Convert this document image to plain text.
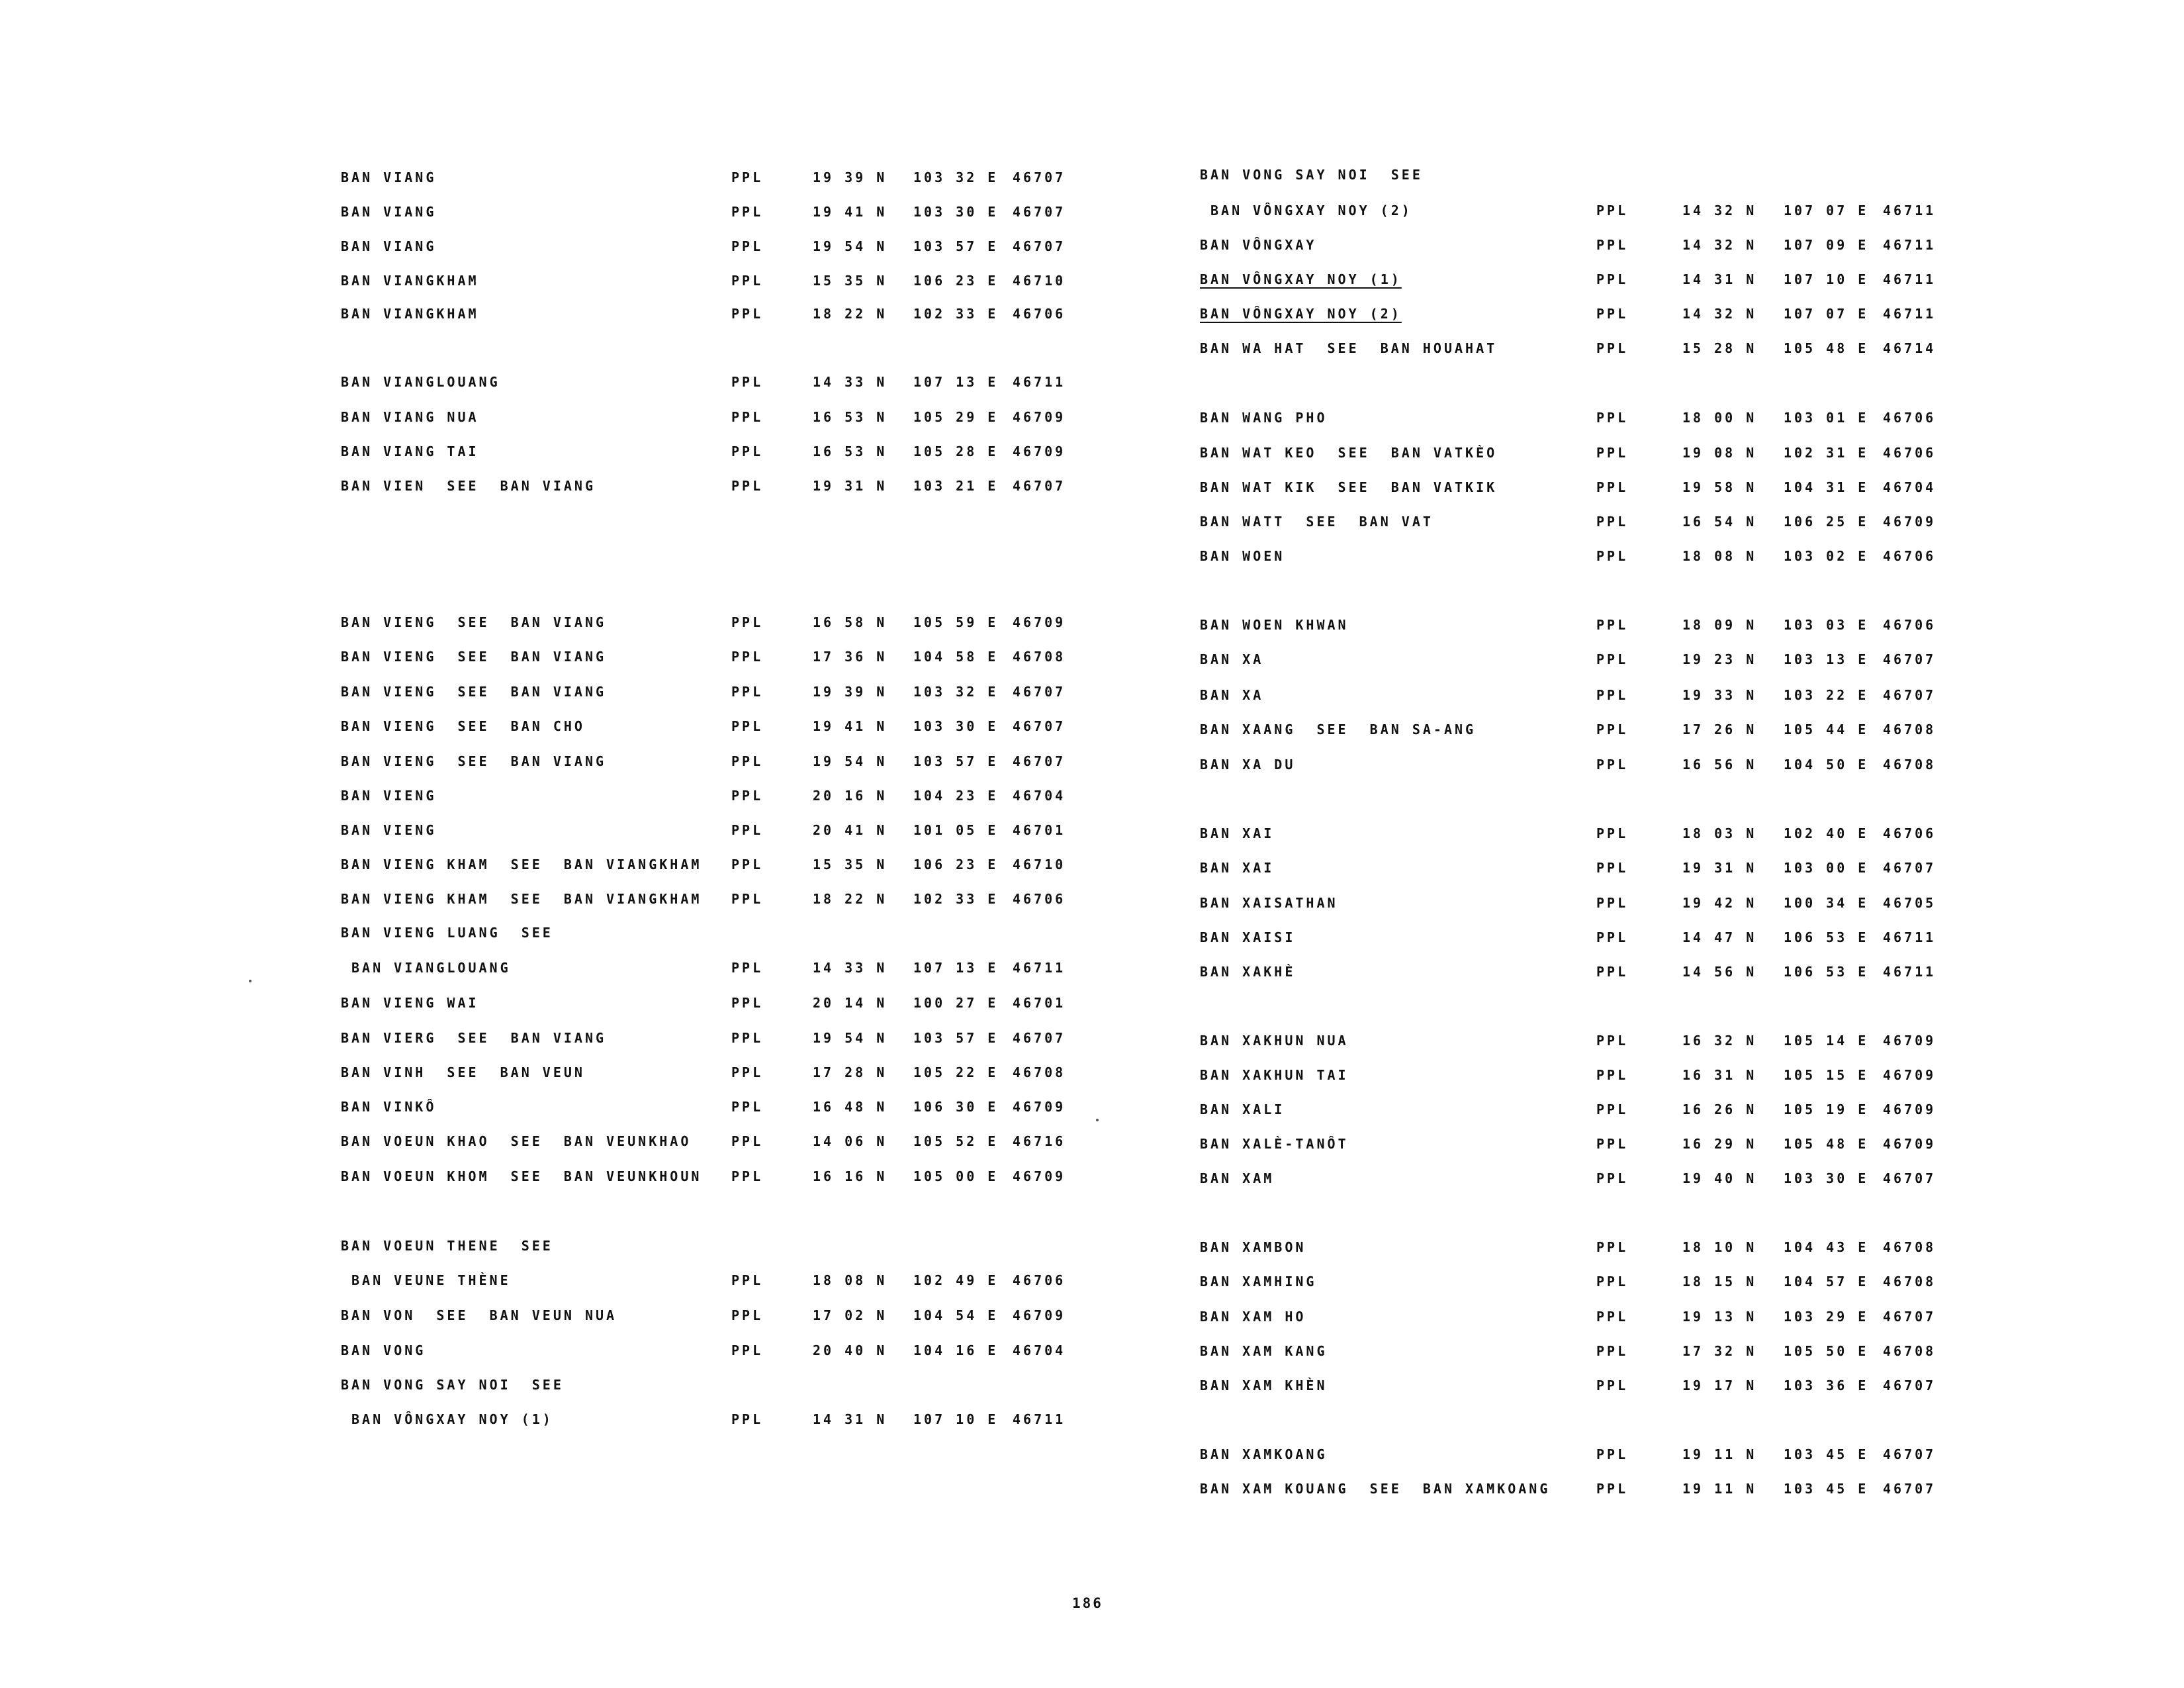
BAN VIANG	PPL	19 39 N 103 32 E 46707
BAN VIANG	PPL	19 41 N 103 30 E 46707
BAN VIANG	PPL	19 54 N 103 57 E 46707
BAN VIANGKHAM	PPL	15 35 N 106 23 E 46710
BAN VIANGKHAM	PPL	18 22 N 102 33 E 46706
BAN VIANGLOUANG	PPL	14 33 N 107 13 E 46711
BAN VIANG NUA	PPL	16 53 N 105 29 E 46709
BAN VIANG TAI	PPL	16 53 N 105 28 E 46709
BAN VIEN  SEE  BAN VIANG	PPL	19 31 N 103 21 E 46707
BAN VIENG  SEE  BAN VIANG	PPL	16 58 N 105 59 E 46709
BAN VIENG  SEE  BAN VIANG	PPL	17 36 N 104 58 E 46708
BAN VIENG  SEE  BAN VIANG	PPL	19 39 N 103 32 E 46707
BAN VIENG  SEE  BAN CHO	PPL	19 41 N 103 30 E 46707
BAN VIENG  SEE  BAN VIANG	PPL	19 54 N 103 57 E 46707
BAN VIENG	PPL	20 16 N 104 23 E 46704
BAN VIENG	PPL	20 41 N 101 05 E 46701
BAN VIENG KHAM  SEE  BAN VIANGKHAM PPL	15 35 N 106 23 E 46710
BAN VIENG KHAM  SEE  BAN VIANGKHAM PPL	18 22 N 102 33 E 46706
BAN VIENG LUANG  SEE
BAN VIANGLOUANG	PPL	14 33 N 107 13 E 46711
BAN VIENG WAI	PPL	20 14 N 100 27 E 46701
BAN VIERG  SEE  BAN VIANG	PPL	19 54 N 103 57 E 46707
BAN VINH  SEE  BAN VEUN	PPL	17 28 N 105 22 E 46708
BAN VINKÔ	PPL	16 48 N 106 30 E 46709
BAN VOEUN KHAO  SEE  BAN VEUNKHAO	PPL	14 06 N 105 52 E 46716
BAN VOEUN KHOM  SEE  BAN VEUNKHOUN PPL	16 16 N 105 00 E 46709
BAN VOEUN THENE  SEE
BAN VEUNE THÈNE	PPL	18 08 N 102 49 E 46706
BAN VON  SEE  BAN VEUN NUA	PPL	17 02 N 104 54 E 46709
BAN VONG	PPL	20 40 N 104 16 E 46704
BAN VONG SAY NOI  SEE
BAN VÔNGXAY NOY (1)	PPL	14 31 N 107 10 E 46711
BAN VONG SAY NOI  SEE
BAN VÔNGXAY NOY (2)	PPL	14 32 N 107 07 E 46711
BAN VÔNGXAY	PPL	14 32 N 107 09 E 46711
BAN VÔNGXAY NOY (1)	PPL	14 31 N 107 10 E 46711
BAN VÔNGXAY NOY (2)	PPL	14 32 N 107 07 E 46711
BAN WA HAT  SEE  BAN HOUAHAT	PPL	15 28 N 105 48 E 46714
BAN WANG PHO	PPL	18 00 N 103 01 E 46706
BAN WAT KEO  SEE  BAN VATKÈO	PPL	19 08 N 102 31 E 46706
BAN WAT KIK  SEE  BAN VATKIK	PPL	19 58 N 104 31 E 46704
BAN WATT  SEE  BAN VAT	PPL	16 54 N 106 25 E 46709
BAN WOEN	PPL	18 08 N 103 02 E 46706
BAN WOEN KHWAN	PPL	18 09 N 103 03 E 46706
BAN XA	PPL	19 23 N 103 13 E 46707
BAN XA	PPL	19 33 N 103 22 E 46707
BAN XAANG  SEE  BAN SA-ANG	PPL	17 26 N 105 44 E 46708
BAN XA DU	PPL	16 56 N 104 50 E 46708
BAN XAI	PPL	18 03 N 102 40 E 46706
BAN XAI	PPL	19 31 N 103 00 E 46707
BAN XAISATHAN	PPL	19 42 N 100 34 E 46705
BAN XAISI	PPL	14 47 N 106 53 E 46711
BAN XAKHÈ	PPL	14 56 N 106 53 E 46711
BAN XAKHUN NUA	PPL	16 32 N 105 14 E 46709
BAN XAKHUN TAI	PPL	16 31 N 105 15 E 46709
BAN XALI	PPL	16 26 N 105 19 E 46709
BAN XALÈ-TANÔT	PPL	16 29 N 105 48 E 46709
BAN XAM	PPL	19 40 N 103 30 E 46707
BAN XAMBON	PPL	18 10 N 104 43 E 46708
BAN XAMHING	PPL	18 15 N 104 57 E 46708
BAN XAM HO	PPL	19 13 N 103 29 E 46707
BAN XAM KANG	PPL	17 32 N 105 50 E 46708
BAN XAM KHÈN	PPL	19 17 N 103 36 E 46707
BAN XAMKOANG	PPL	19 11 N 103 45 E 46707
BAN XAM KOUANG  SEE  BAN XAMKOANG	PPL	19 11 N 103 45 E 46707
186
